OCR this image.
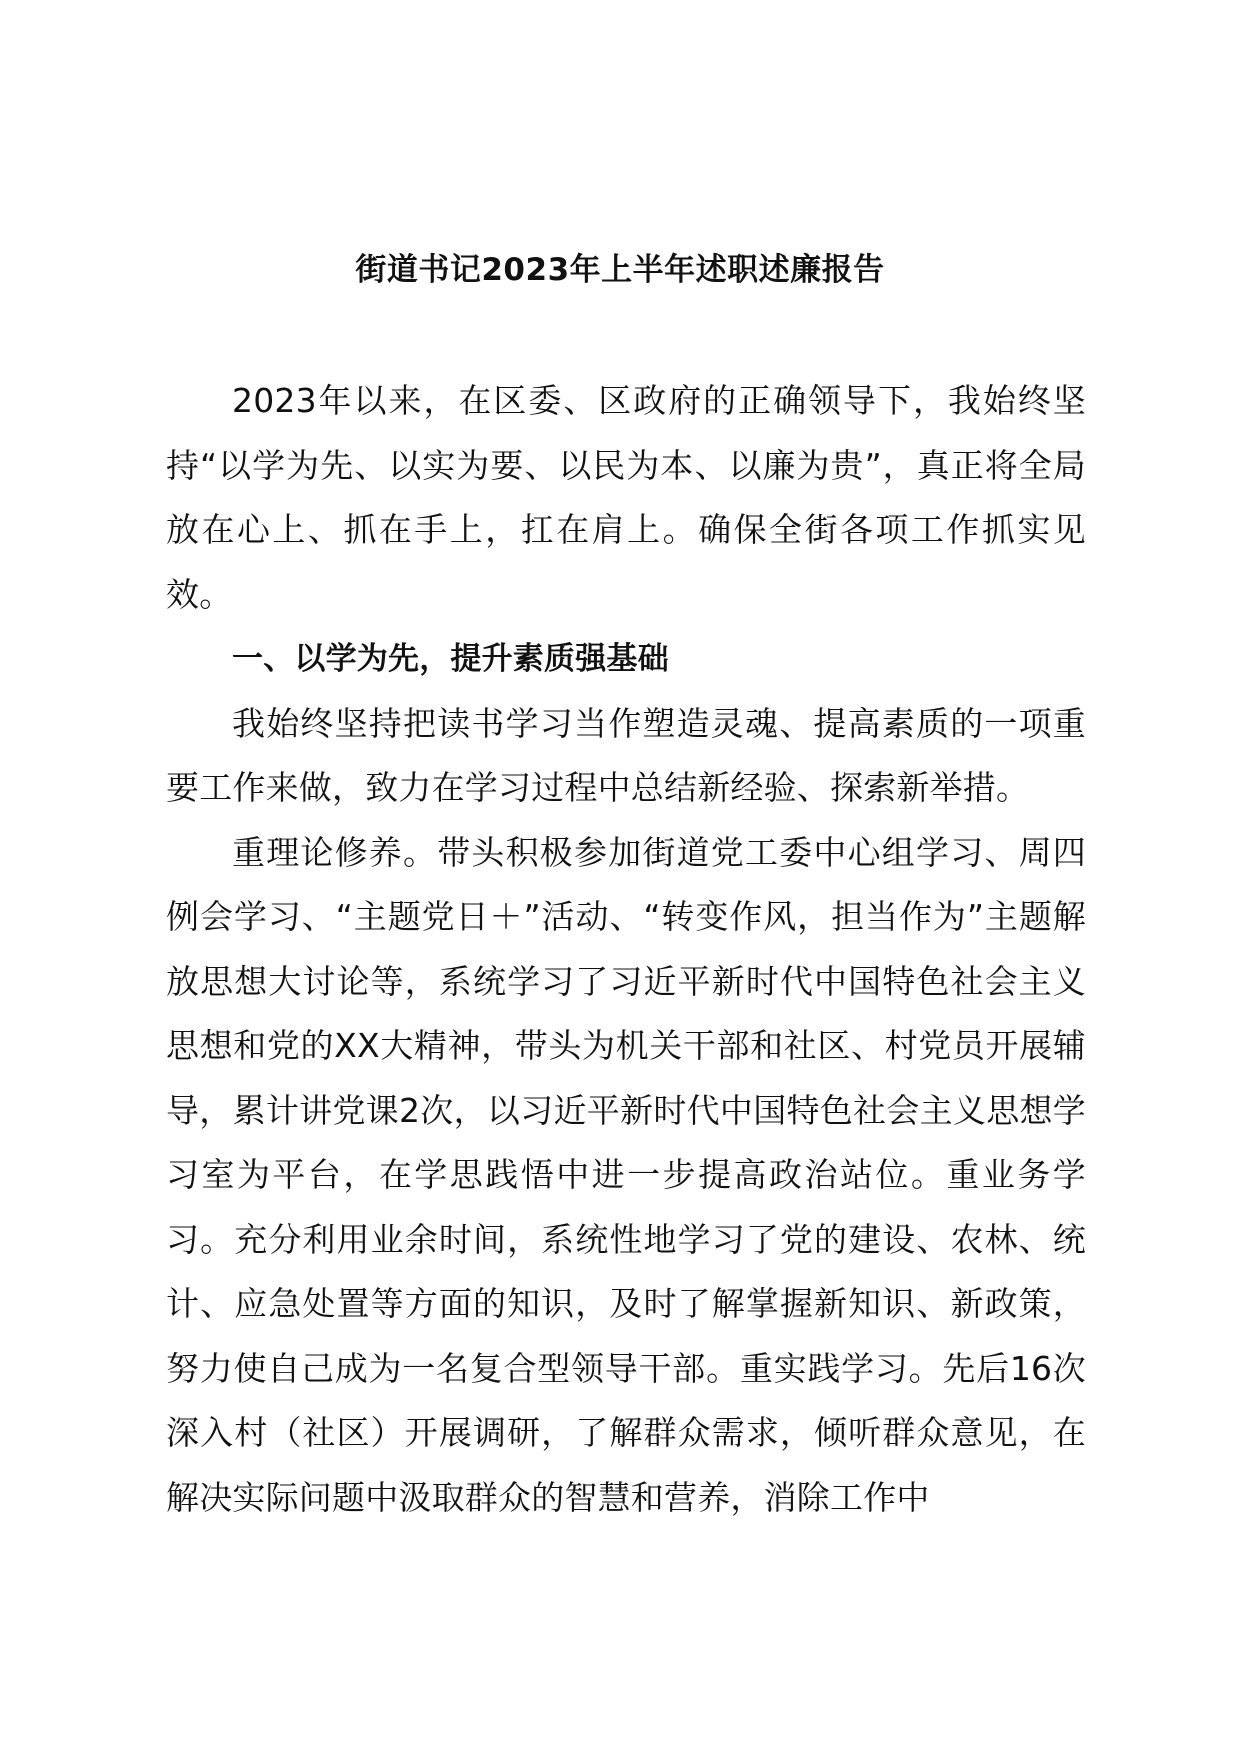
街道书记2023年上半年述职述廉报告

2023年以来，在区委、区政府的正确领导下，我始终坚持“以学为先、以实为要、以民为本、以廉为贵”，真正将全局放在心上、抓在手上，扛在肩上。确保全街各项工作抓实见效。

一、以学为先，提升素质强基础

我始终坚持把读书学习当作塑造灵魂、提高素质的一项重要工作来做，致力在学习过程中总结新经验、探索新举措。

重理论修养。带头积极参加街道党工委中心组学习、周四例会学习、“主题党日＋”活动、“转变作风，担当作为”主题解放思想大讨论等，系统学习了习近平新时代中国特色社会主义思想和党的XX大精神，带头为机关干部和社区、村党员开展辅导，累计讲党课2次，以习近平新时代中国特色社会主义思想学习室为平台，在学思践悟中进一步提高政治站位。重业务学习。充分利用业余时间，系统性地学习了党的建设、农林、统计、应急处置等方面的知识，及时了解掌握新知识、新政策，努力使自己成为一名复合型领导干部。重实践学习。先后16次深入村（社区）开展调研，了解群众需求，倾听群众意见，在解决实际问题中汲取群众的智慧和营养，消除工作中
